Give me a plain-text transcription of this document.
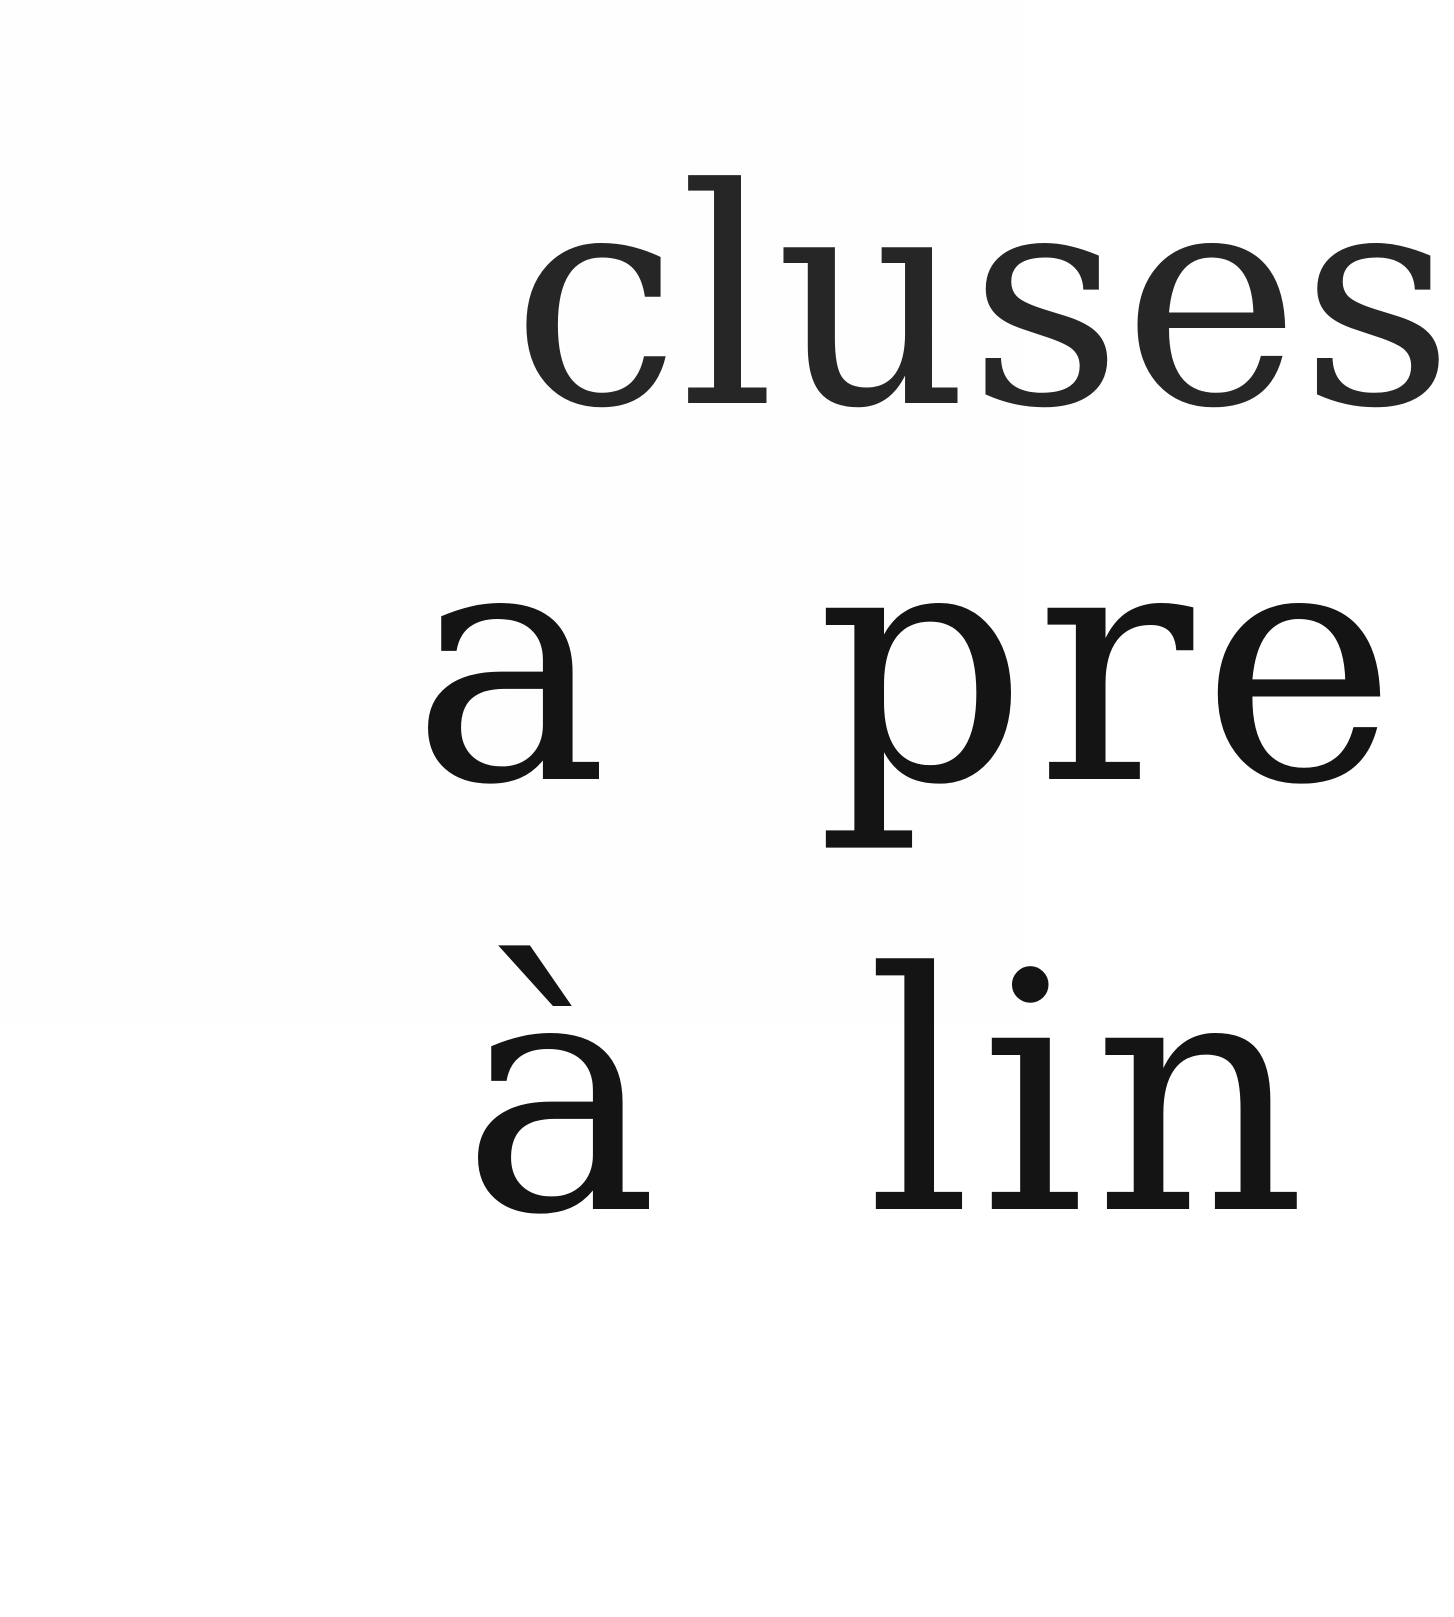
cluses

a pre

à lin
